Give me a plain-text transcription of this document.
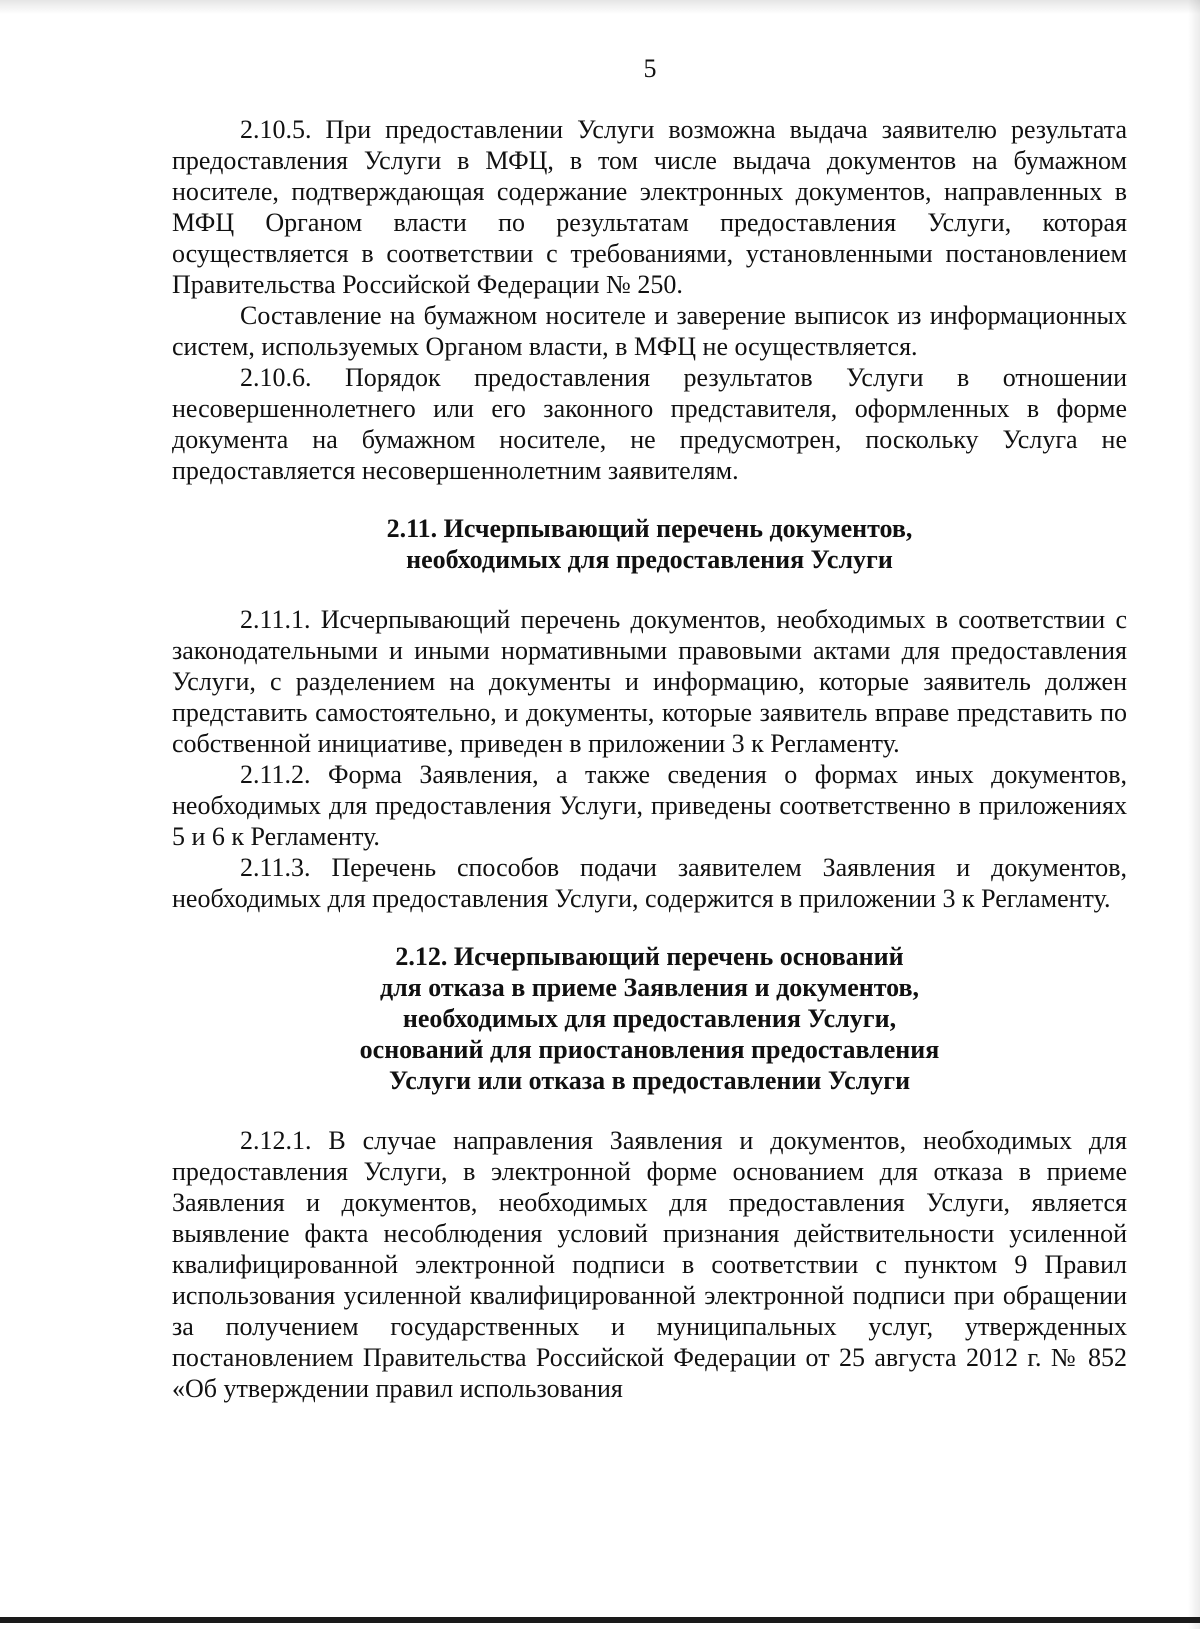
5

2.10.5. При предоставлении Услуги возможна выдача заявителю результата предоставления Услуги в МФЦ, в том числе выдача документов на бумажном носителе, подтверждающая содержание электронных документов, направленных в МФЦ Органом власти по результатам предоставления Услуги, которая осуществляется в соответствии с требованиями, установленными постановлением Правительства Российской Федерации № 250.

Составление на бумажном носителе и заверение выписок из информационных систем, используемых Органом власти, в МФЦ не осуществляется.

2.10.6. Порядок предоставления результатов Услуги в отношении несовершеннолетнего или его законного представителя, оформленных в форме документа на бумажном носителе, не предусмотрен, поскольку Услуга не предоставляется несовершеннолетним заявителям.

2.11. Исчерпывающий перечень документов,
необходимых для предоставления Услуги

2.11.1. Исчерпывающий перечень документов, необходимых в соответствии с законодательными и иными нормативными правовыми актами для предоставления Услуги, с разделением на документы и информацию, которые заявитель должен представить самостоятельно, и документы, которые заявитель вправе представить по собственной инициативе, приведен в приложении 3 к Регламенту.

2.11.2. Форма Заявления, а также сведения о формах иных документов, необходимых для предоставления Услуги, приведены соответственно в приложениях 5 и 6 к Регламенту.

2.11.3. Перечень способов подачи заявителем Заявления и документов, необходимых для предоставления Услуги, содержится в приложении 3 к Регламенту.

2.12. Исчерпывающий перечень оснований
для отказа в приеме Заявления и документов,
необходимых для предоставления Услуги,
оснований для приостановления предоставления
Услуги или отказа в предоставлении Услуги

2.12.1. В случае направления Заявления и документов, необходимых для предоставления Услуги, в электронной форме основанием для отказа в приеме Заявления и документов, необходимых для предоставления Услуги, является выявление факта несоблюдения условий признания действительности усиленной квалифицированной электронной подписи в соответствии с пунктом 9 Правил использования усиленной квалифицированной электронной подписи при обращении за получением государственных и муниципальных услуг, утвержденных постановлением Правительства Российской Федерации от 25 августа 2012 г. № 852 «Об утверждении правил использования
